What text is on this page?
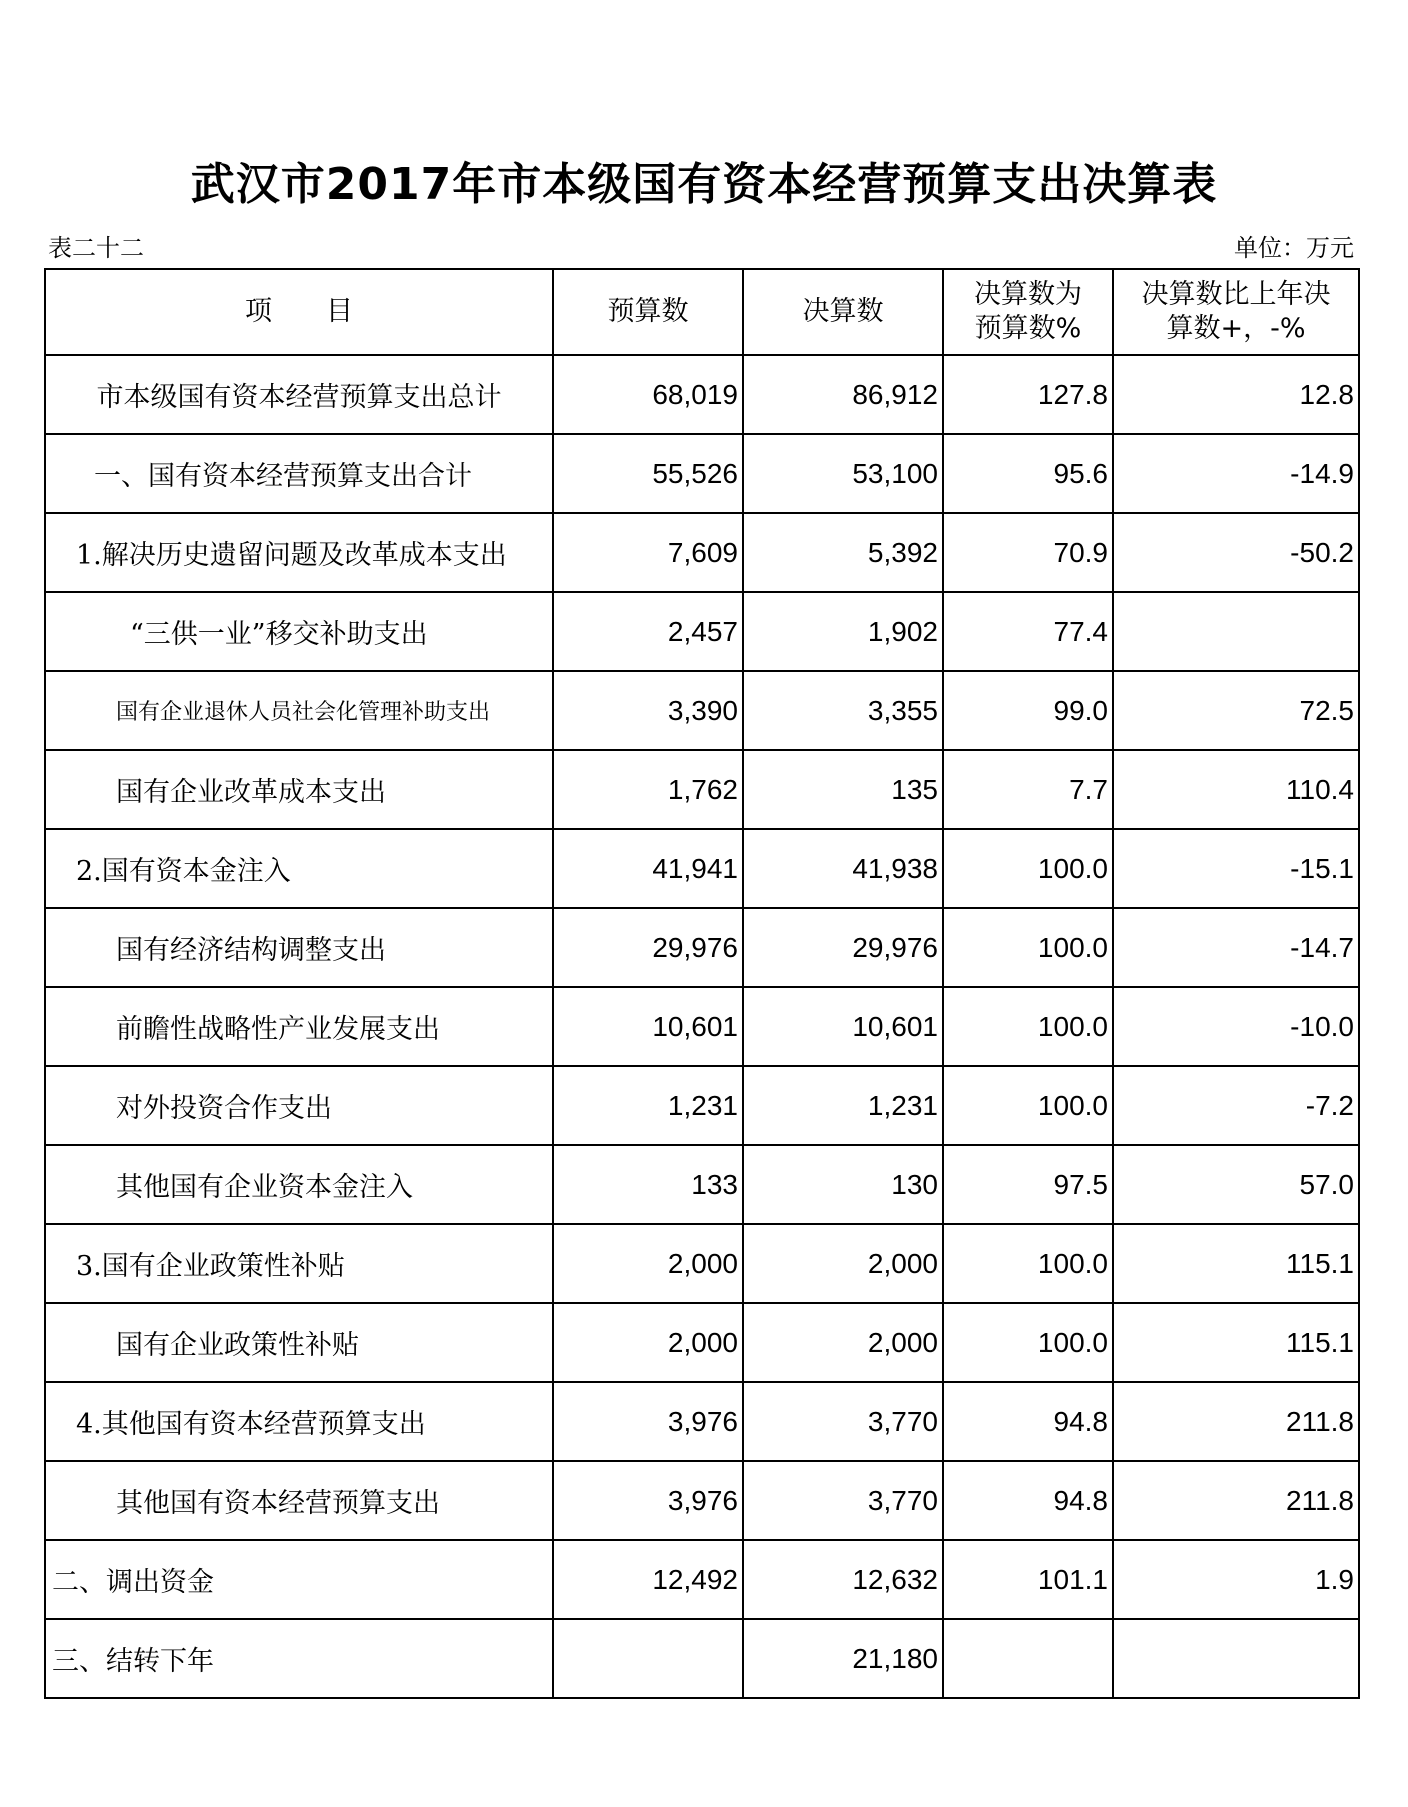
武汉市2017年市本级国有资本经营预算支出决算表
表二十二	单位：万元
项　　目	预算数	决算数	决算数为预算数%	决算数比上年决算数+，-%
市本级国有资本经营预算支出总计	68,019	86,912	127.8	12.8
一、国有资本经营预算支出合计	55,526	53,100	95.6	-14.9
1.解决历史遗留问题及改革成本支出	7,609	5,392	70.9	-50.2
“三供一业”移交补助支出	2,457	1,902	77.4	
国有企业退休人员社会化管理补助支出	3,390	3,355	99.0	72.5
国有企业改革成本支出	1,762	135	7.7	110.4
2.国有资本金注入	41,941	41,938	100.0	-15.1
国有经济结构调整支出	29,976	29,976	100.0	-14.7
前瞻性战略性产业发展支出	10,601	10,601	100.0	-10.0
对外投资合作支出	1,231	1,231	100.0	-7.2
其他国有企业资本金注入	133	130	97.5	57.0
3.国有企业政策性补贴	2,000	2,000	100.0	115.1
国有企业政策性补贴	2,000	2,000	100.0	115.1
4.其他国有资本经营预算支出	3,976	3,770	94.8	211.8
其他国有资本经营预算支出	3,976	3,770	94.8	211.8
二、调出资金	12,492	12,632	101.1	1.9
三、结转下年		21,180		
